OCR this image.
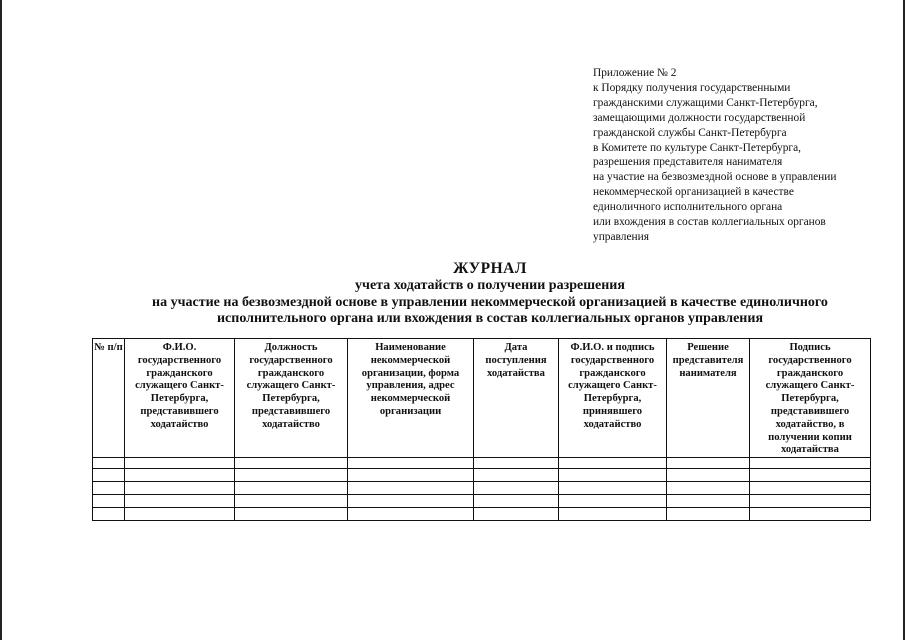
Приложение № 2
к Порядку получения государственными
гражданскими служащими Санкт-Петербурга,
замещающими должности государственной
гражданской службы Санкт-Петербурга
в Комитете по культуре Санкт-Петербурга,
разрешения представителя нанимателя
на участие на безвозмездной основе в управлении
некоммерческой организацией в качестве
единоличного исполнительного органа
или вхождения в состав коллегиальных органов
управления
ЖУРНАЛ
учета ходатайств о получении разрешения
на участие на безвозмездной основе в управлении некоммерческой организацией в качестве единоличного
исполнительного органа или вхождения в состав коллегиальных органов управления
№ п/п	Ф.И.О. государственного гражданского служащего Санкт-Петербурга, представившего ходатайство	Должность государственного гражданского служащего Санкт-Петербурга, представившего ходатайство	Наименование некоммерческой организации, форма управления, адрес некоммерческой организации	Дата поступления ходатайства	Ф.И.О. и подпись государственного гражданского служащего Санкт-Петербурга, принявшего ходатайство	Решение представителя нанимателя	Подпись государственного гражданского служащего Санкт-Петербурга, представившего ходатайство, в получении копии ходатайства
